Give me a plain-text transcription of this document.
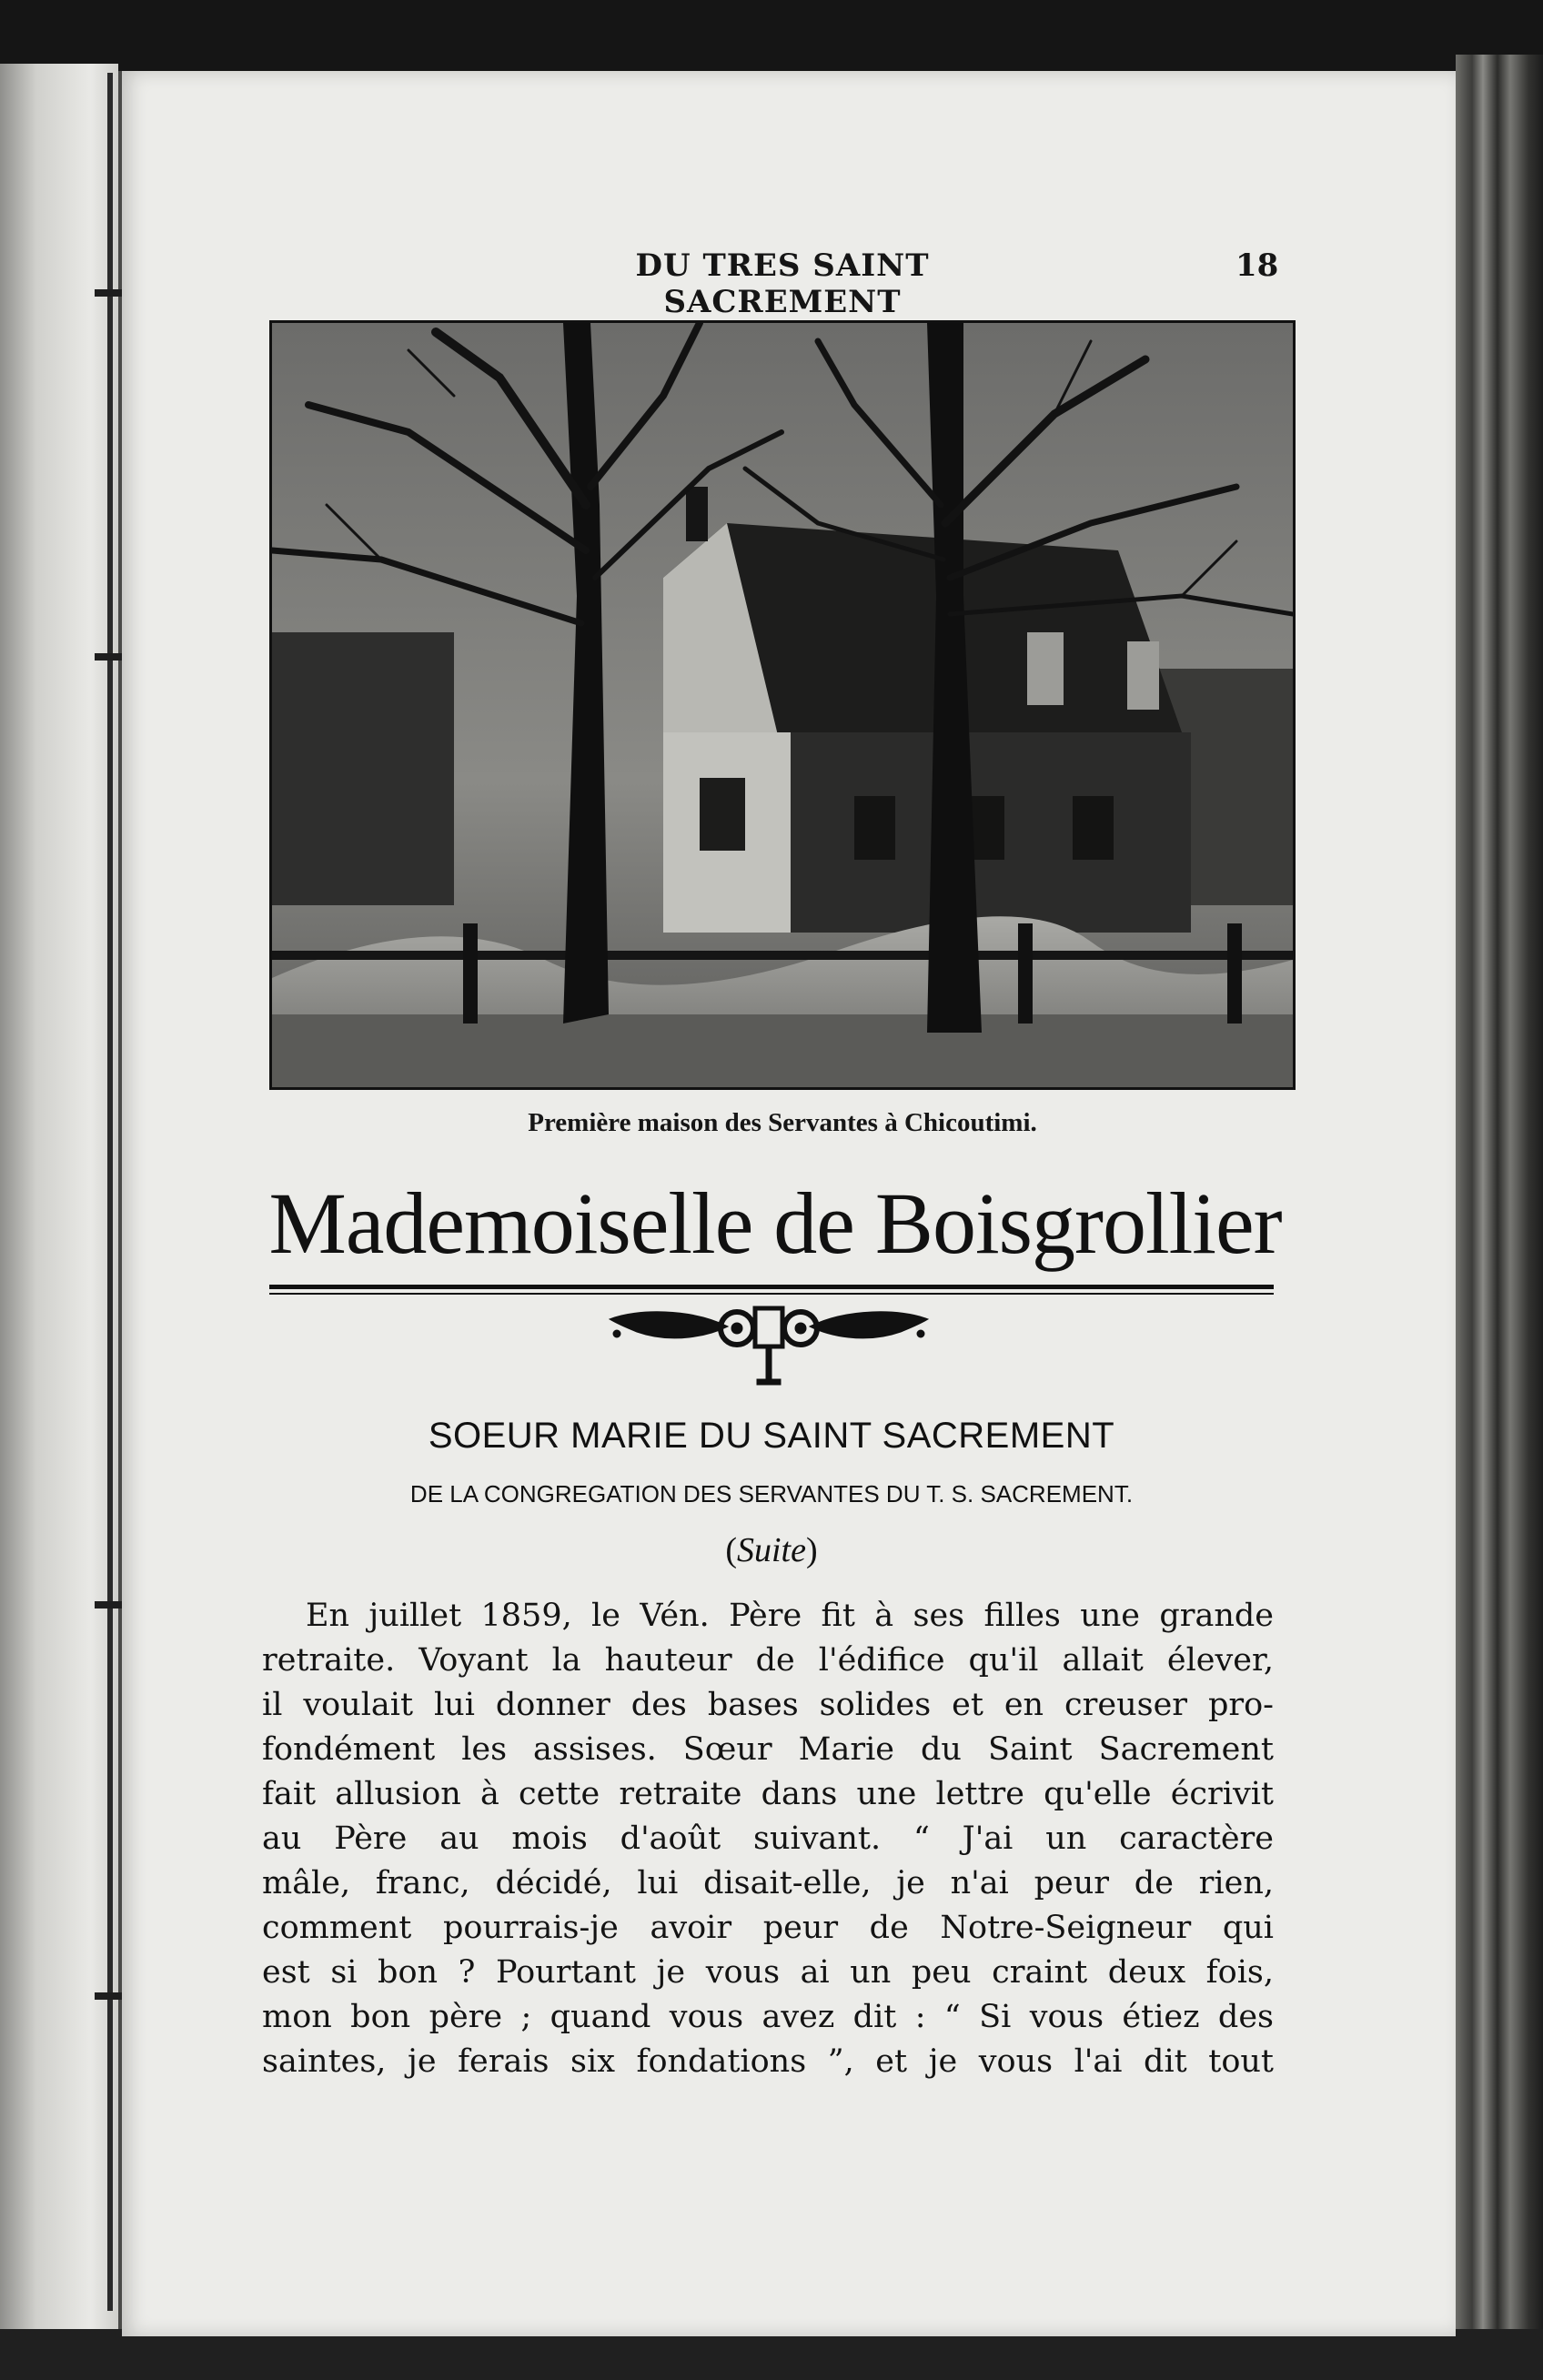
DU TRES SAINT SACREMENT
18
Première maison des Servantes à Chicoutimi.
Mademoiselle de Boisgrollier
SOEUR MARIE DU SAINT SACREMENT
DE LA CONGREGATION DES SERVANTES DU T. S. SACREMENT.
(Suite)
En juillet 1859, le Vén. Père fit à ses filles une grande
retraite. Voyant la hauteur de l'édifice qu'il allait élever,
il voulait lui donner des bases solides et en creuser pro-
fondément les assises. Sœur Marie du Saint Sacrement
fait allusion à cette retraite dans une lettre qu'elle écrivit
au Père au mois d'août suivant. “ J'ai un caractère
mâle, franc, décidé, lui disait-elle, je n'ai peur de rien,
comment pourrais-je avoir peur de Notre-Seigneur qui
est si bon ? Pourtant je vous ai un peu craint deux fois,
mon bon père ; quand vous avez dit : “ Si vous étiez des
saintes, je ferais six fondations ”, et je vous l'ai dit tout
